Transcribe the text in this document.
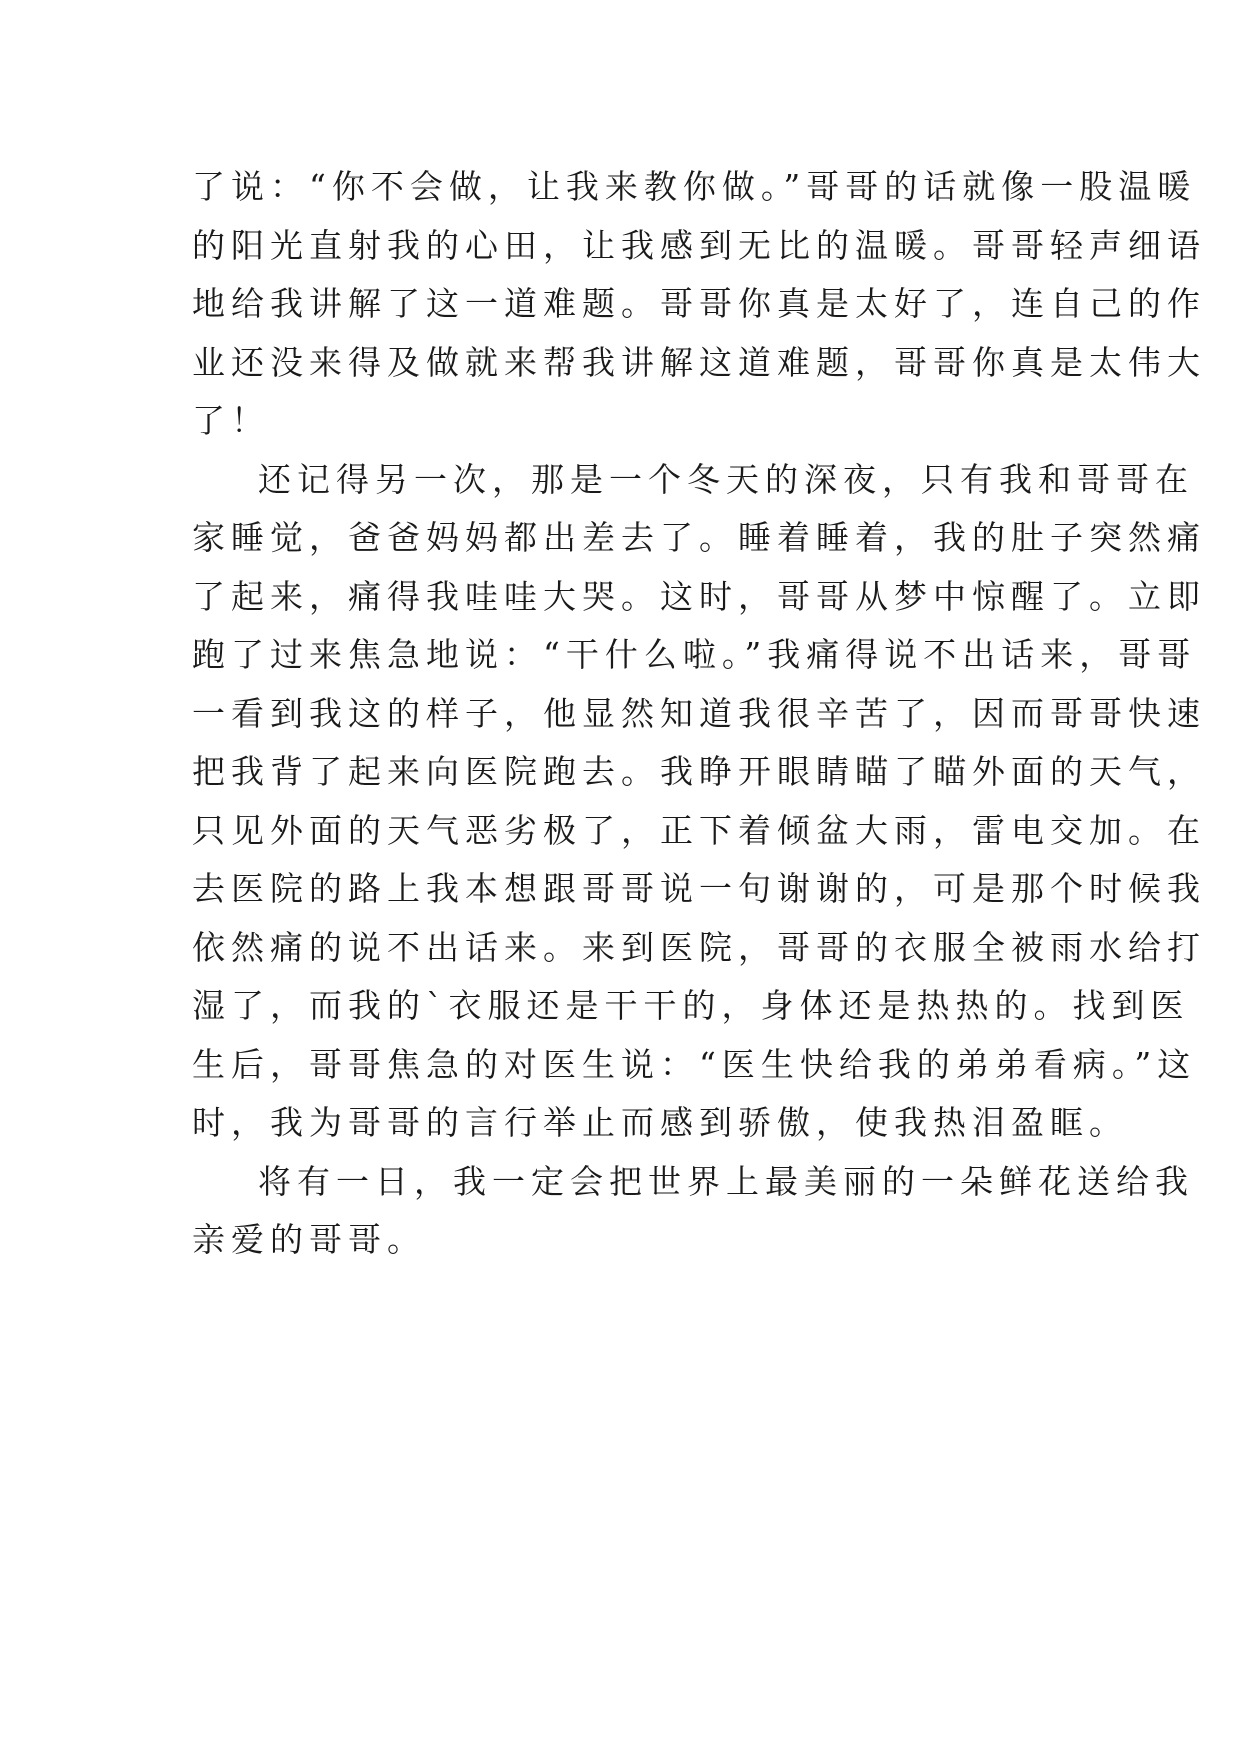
了说：“你不会做，让我来教你做。”哥哥的话就像一股温暖
的阳光直射我的心田，让我感到无比的温暖。哥哥轻声细语
地给我讲解了这一道难题。哥哥你真是太好了，连自己的作
业还没来得及做就来帮我讲解这道难题，哥哥你真是太伟大
了！
还记得另一次，那是一个冬天的深夜，只有我和哥哥在
家睡觉，爸爸妈妈都出差去了。睡着睡着，我的肚子突然痛
了起来，痛得我哇哇大哭。这时，哥哥从梦中惊醒了。立即
跑了过来焦急地说：“干什么啦。”我痛得说不出话来，哥哥
一看到我这的样子，他显然知道我很辛苦了，因而哥哥快速
把我背了起来向医院跑去。我睁开眼睛瞄了瞄外面的天气，
只见外面的天气恶劣极了，正下着倾盆大雨，雷电交加。在
去医院的路上我本想跟哥哥说一句谢谢的，可是那个时候我
依然痛的说不出话来。来到医院，哥哥的衣服全被雨水给打
湿了，而我的`衣服还是干干的，身体还是热热的。找到医
生后，哥哥焦急的对医生说：“医生快给我的弟弟看病。”这
时，我为哥哥的言行举止而感到骄傲，使我热泪盈眶。
将有一日，我一定会把世界上最美丽的一朵鲜花送给我
亲爱的哥哥。
